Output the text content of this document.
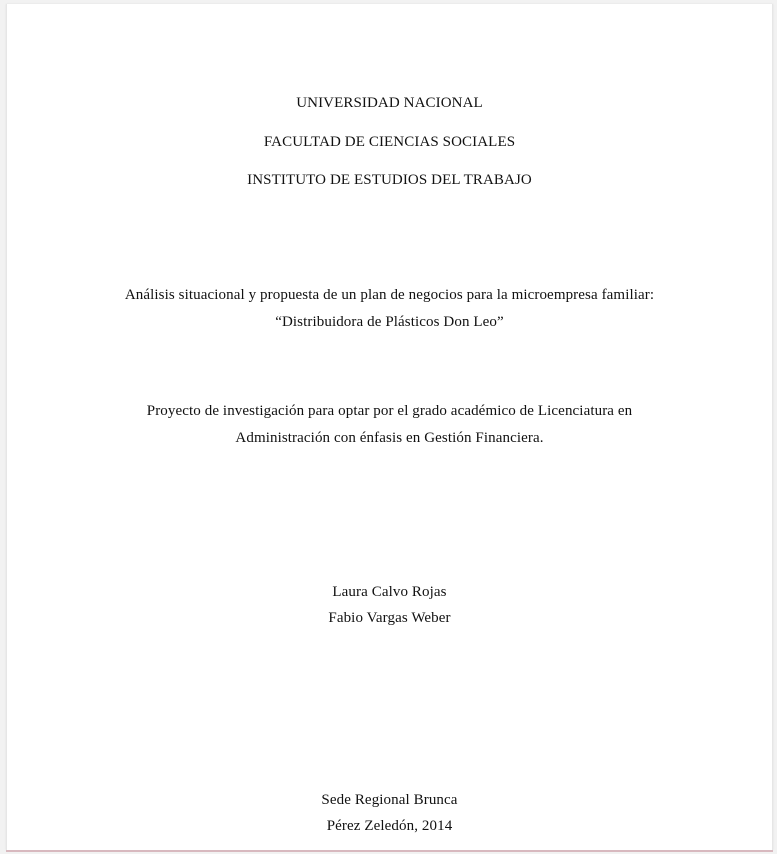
UNIVERSIDAD NACIONAL
FACULTAD DE CIENCIAS SOCIALES
INSTITUTO DE ESTUDIOS DEL TRABAJO
Análisis situacional y propuesta de un plan de negocios para la microempresa familiar:
“Distribuidora de Plásticos Don Leo”
Proyecto de investigación para optar por el grado académico de Licenciatura en
Administración con énfasis en Gestión Financiera.
Laura Calvo Rojas
Fabio Vargas Weber
Sede Regional Brunca
Pérez Zeledón, 2014
